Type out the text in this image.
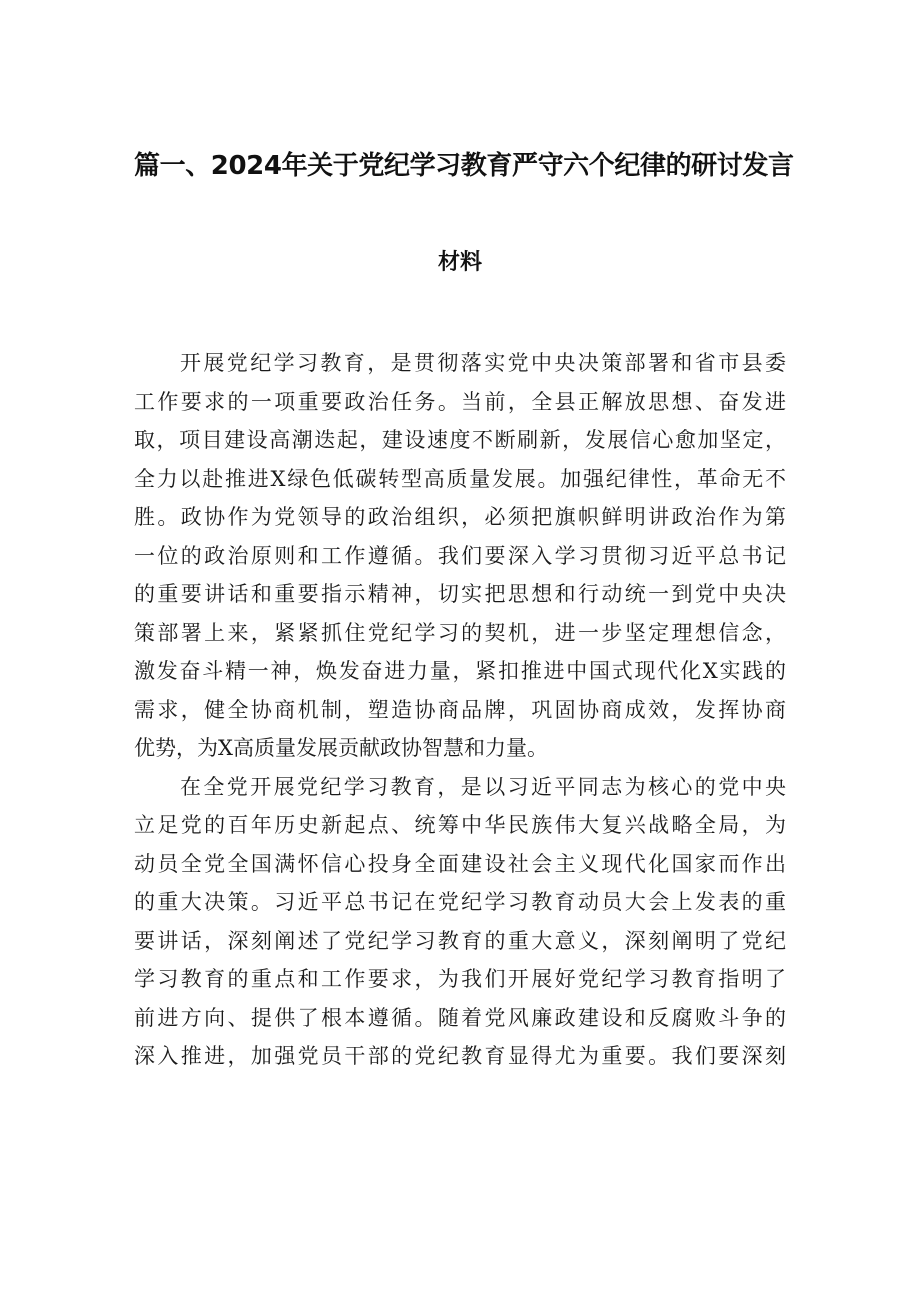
篇一、2024年关于党纪学习教育严守六个纪律的研讨发言
材料
开展党纪学习教育，是贯彻落实党中央决策部署和省市县委
工作要求的一项重要政治任务。当前，全县正解放思想、奋发进
取，项目建设高潮迭起，建设速度不断刷新，发展信心愈加坚定，
全力以赴推进X绿色低碳转型高质量发展。加强纪律性，革命无不
胜。政协作为党领导的政治组织，必须把旗帜鲜明讲政治作为第
一位的政治原则和工作遵循。我们要深入学习贯彻习近平总书记
的重要讲话和重要指示精神，切实把思想和行动统一到党中央决
策部署上来，紧紧抓住党纪学习的契机，进一步坚定理想信念，
激发奋斗精一神，焕发奋进力量，紧扣推进中国式现代化X实践的
需求，健全协商机制，塑造协商品牌，巩固协商成效，发挥协商
优势，为X高质量发展贡献政协智慧和力量。
在全党开展党纪学习教育，是以习近平同志为核心的党中央
立足党的百年历史新起点、统筹中华民族伟大复兴战略全局，为
动员全党全国满怀信心投身全面建设社会主义现代化国家而作出
的重大决策。习近平总书记在党纪学习教育动员大会上发表的重
要讲话，深刻阐述了党纪学习教育的重大意义，深刻阐明了党纪
学习教育的重点和工作要求，为我们开展好党纪学习教育指明了
前进方向、提供了根本遵循。随着党风廉政建设和反腐败斗争的
深入推进，加强党员干部的党纪教育显得尤为重要。我们要深刻
